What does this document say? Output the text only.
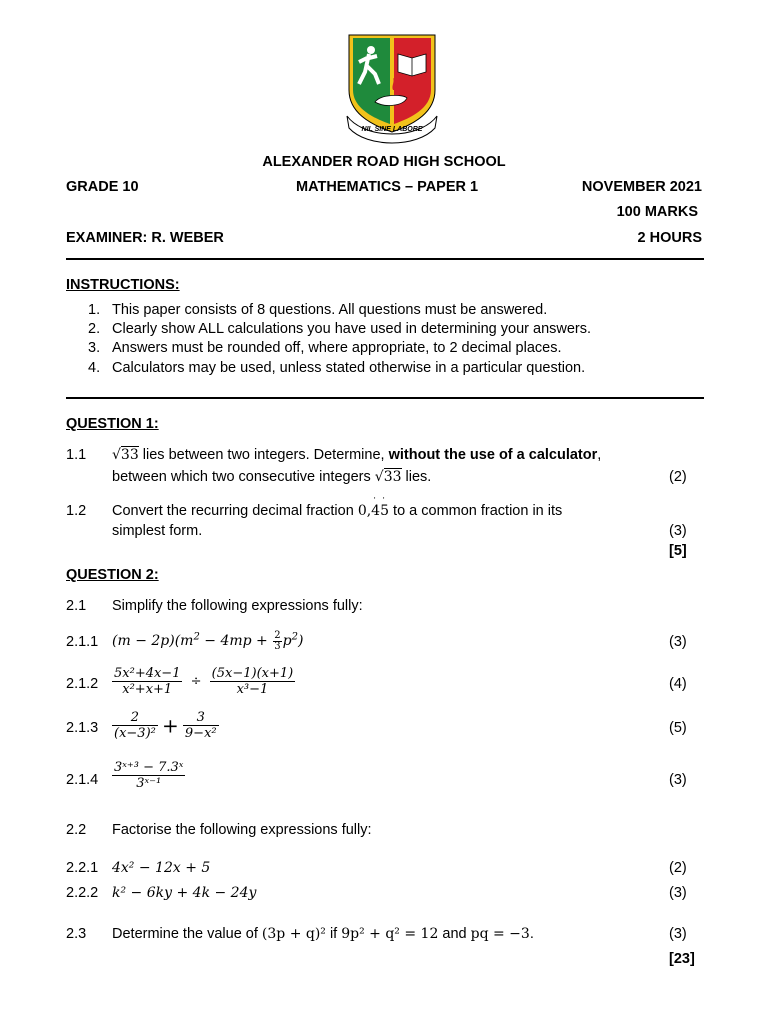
NIL SINE LABORE
ALEXANDER ROAD HIGH SCHOOL
GRADE 10	MATHEMATICS – PAPER 1	NOVEMBER 2021
100 MARKS
EXAMINER: R. WEBER	2 HOURS
INSTRUCTIONS:
1. This paper consists of 8 questions. All questions must be answered.
2. Clearly show ALL calculations you have used in determining your answers.
3. Answers must be rounded off, where appropriate, to 2 decimal places.
4. Calculators may be used, unless stated otherwise in a particular question.
QUESTION 1:
1.1 √33 lies between two integers. Determine, without the use of a calculator,
between which two consecutive integers √33 lies.	(2)
1.2 Convert the recurring decimal fraction 0,4
·
5
·
to a common fraction in its
simplest form.	(3)
[5]
QUESTION 2:
2.1 Simplify the following expressions fully:
2.1.1 $(m - 2p)(m^2 - 4mp + \frac{2}{3} p^2)$	(3)
$2.1.2 \frac{\text{5x²+4x−1}}{\text{x²+x+1}} \div \frac{(5x-1)(x+1)}{\text{x³−1}}$	(4)
$2.1.3 \frac{2}{\text{(x−3)²}} + \frac{3}{\text{9−x²}}$	(5)
$2.1.4 \frac{\text{3ˣ⁺³ − 7.3ˣ}}{\text{3ˣ⁻¹}}$	(3)
2.2 Factorise the following expressions fully:
2.2.1 4x² − 12x + 5	(2)
2.2.2 k² − 6ky + 4k − 24y	(3)
2.3 Determine the value of (3p + q)² if 9p² + q² = 12 and pq = −3.	(3)
[23]
